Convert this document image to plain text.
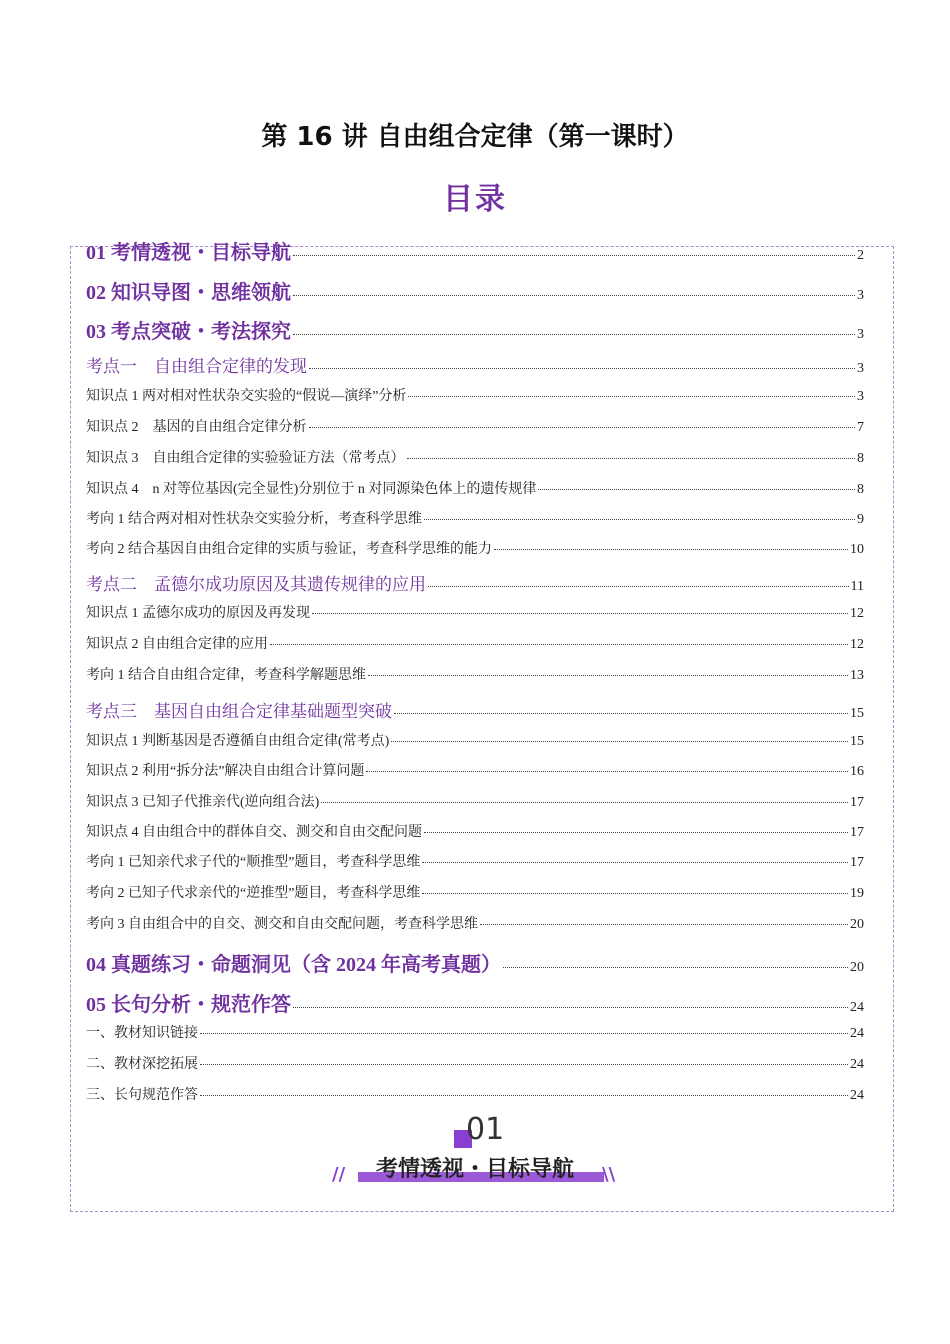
第 16 讲 自由组合定律（第一课时）
目录
01 考情透视・目标导航	2
02 知识导图・思维领航	3
03 考点突破・考法探究	3
考点一　自由组合定律的发现	3
知识点 1 两对相对性状杂交实验的“假说—演绎”分析	3
知识点 2　基因的自由组合定律分析	7
知识点 3　自由组合定律的实验验证方法（常考点）	8
知识点 4　n 对等位基因(完全显性)分别位于 n 对同源染色体上的遗传规律	8
考向 1 结合两对相对性状杂交实验分析，考查科学思维	9
考向 2 结合基因自由组合定律的实质与验证，考查科学思维的能力	10
考点二　孟德尔成功原因及其遗传规律的应用	11
知识点 1 孟德尔成功的原因及再发现	12
知识点 2 自由组合定律的应用	12
考向 1 结合自由组合定律，考查科学解题思维	13
考点三　基因自由组合定律基础题型突破	15
知识点 1 判断基因是否遵循自由组合定律(常考点)	15
知识点 2 利用“拆分法”解决自由组合计算问题	16
知识点 3 已知子代推亲代(逆向组合法)	17
知识点 4 自由组合中的群体自交、测交和自由交配问题	17
考向 1 已知亲代求子代的“顺推型”题目，考查科学思维	17
考向 2 已知子代求亲代的“逆推型”题目，考查科学思维	19
考向 3 自由组合中的自交、测交和自由交配问题，考查科学思维	20
04 真题练习・命题洞见（含 2024 年高考真题）	20
05 长句分析・规范作答	24
一、教材知识链接	24
二、教材深挖拓展	24
三、长句规范作答	24
01
考情透视・目标导航
//	\\
